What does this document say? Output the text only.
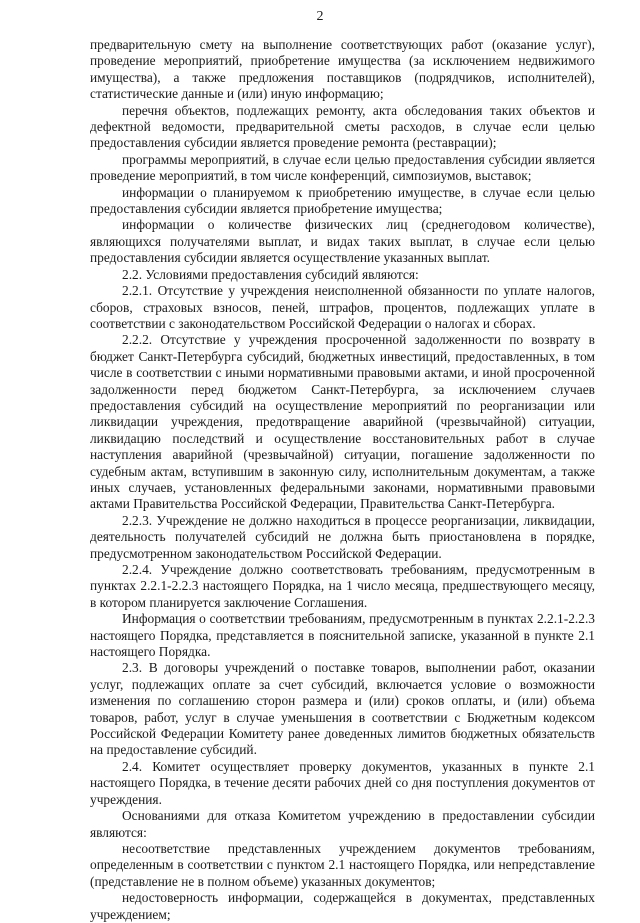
2

предварительную смету на выполнение соответствующих работ (оказание услуг), проведение мероприятий, приобретение имущества (за исключением недвижимого имущества), а также предложения поставщиков (подрядчиков, исполнителей), статистические данные и (или) иную информацию;

перечня объектов, подлежащих ремонту, акта обследования таких объектов и дефектной ведомости, предварительной сметы расходов, в случае если целью предоставления субсидии является проведение ремонта (реставрации);

программы мероприятий, в случае если целью предоставления субсидии является проведение мероприятий, в том числе конференций, симпозиумов, выставок;

информации о планируемом к приобретению имуществе, в случае если целью предоставления субсидии является приобретение имущества;

информации о количестве физических лиц (среднегодовом количестве), являющихся получателями выплат, и видах таких выплат, в случае если целью предоставления субсидии является осуществление указанных выплат.

2.2. Условиями предоставления субсидий являются:

2.2.1. Отсутствие у учреждения неисполненной обязанности по уплате налогов, сборов, страховых взносов, пеней, штрафов, процентов, подлежащих уплате в соответствии с законодательством Российской Федерации о налогах и сборах.

2.2.2. Отсутствие у учреждения просроченной задолженности по возврату в бюджет Санкт-Петербурга субсидий, бюджетных инвестиций, предоставленных, в том числе в соответствии с иными нормативными правовыми актами, и иной просроченной задолженности перед бюджетом Санкт-Петербурга, за исключением случаев предоставления субсидий на осуществление мероприятий по реорганизации или ликвидации учреждения, предотвращение аварийной (чрезвычайной) ситуации, ликвидацию последствий и осуществление восстановительных работ в случае наступления аварийной (чрезвычайной) ситуации, погашение задолженности по судебным актам, вступившим в законную силу, исполнительным документам, а также иных случаев, установленных федеральными законами, нормативными правовыми актами Правительства Российской Федерации, Правительства Санкт-Петербурга.

2.2.3. Учреждение не должно находиться в процессе реорганизации, ликвидации, деятельность получателей субсидий не должна быть приостановлена в порядке, предусмотренном законодательством Российской Федерации.

2.2.4. Учреждение должно соответствовать требованиям, предусмотренным в пунктах 2.2.1-2.2.3 настоящего Порядка, на 1 число месяца, предшествующего месяцу, в котором планируется заключение Соглашения.

Информация о соответствии требованиям, предусмотренным в пунктах 2.2.1-2.2.3 настоящего Порядка, представляется в пояснительной записке, указанной в пункте 2.1 настоящего Порядка.

2.3. В договоры учреждений о поставке товаров, выполнении работ, оказании услуг, подлежащих оплате за счет субсидий, включается условие о возможности изменения по соглашению сторон размера и (или) сроков оплаты, и (или) объема товаров, работ, услуг в случае уменьшения в соответствии с Бюджетным кодексом Российской Федерации Комитету ранее доведенных лимитов бюджетных обязательств на предоставление субсидий.

2.4. Комитет осуществляет проверку документов, указанных в пункте 2.1 настоящего Порядка, в течение десяти рабочих дней со дня поступления документов от учреждения.

Основаниями для отказа Комитетом учреждению в предоставлении субсидии являются:

несоответствие представленных учреждением документов требованиям, определенным в соответствии с пунктом 2.1 настоящего Порядка, или непредставление (представление не в полном объеме) указанных документов;

недостоверность информации, содержащейся в документах, представленных учреждением;
